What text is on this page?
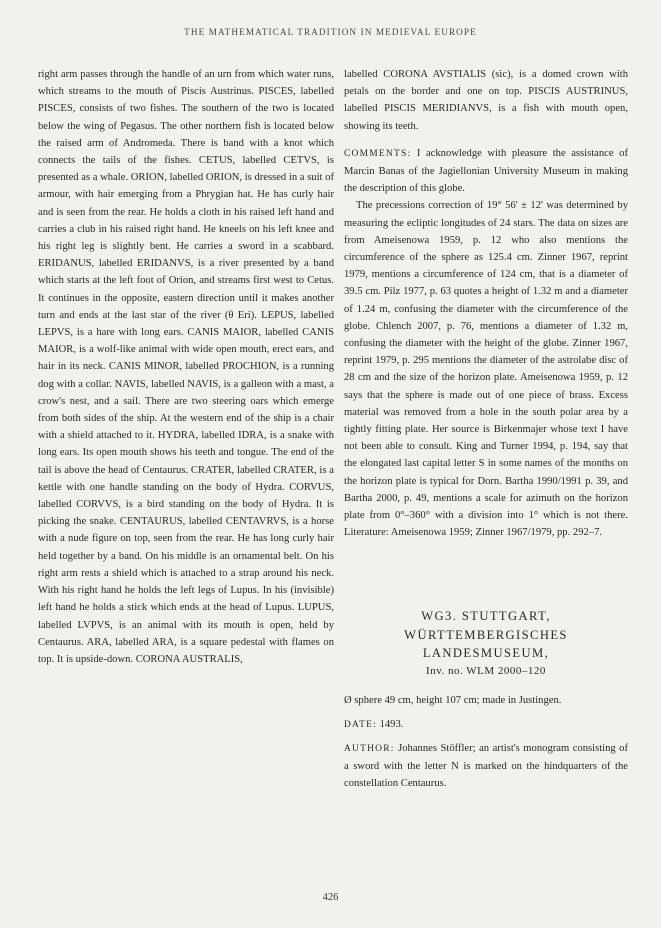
THE MATHEMATICAL TRADITION IN MEDIEVAL EUROPE

right arm passes through the handle of an urn from which water runs, which streams to the mouth of Piscis Austrinus. PISCES, labelled PISCES, consists of two fishes. The southern of the two is located below the wing of Pegasus. The other northern fish is located below the raised arm of Andromeda. There is band with a knot which connects the tails of the fishes. CETUS, labelled CETVS, is presented as a whale. ORION, labelled ORION, is dressed in a suit of armour, with hair emerging from a Phrygian hat. He has curly hair and is seen from the rear. He holds a cloth in his raised left hand and carries a club in his raised right hand. He kneels on his left knee and his right leg is slightly bent. He carries a sword in a scabbard. ERIDANUS, labelled ERIDANVS, is a river presented by a band which starts at the left foot of Orion, and streams first west to Cetus. It continues in the opposite, eastern direction until it makes another turn and ends at the last star of the river (θ Eri). LEPUS, labelled LEPVS, is a hare with long ears. CANIS MAIOR, labelled CANIS MAIOR, is a wolf-like animal with wide open mouth, erect ears, and hair in its neck. CANIS MINOR, labelled PROCHION, is a running dog with a collar. NAVIS, labelled NAVIS, is a galleon with a mast, a crow's nest, and a sail. There are two steering oars which emerge from both sides of the ship. At the western end of the ship is a chair with a shield attached to it. HYDRA, labelled IDRA, is a snake with long ears. Its open mouth shows his teeth and tongue. The end of the tail is above the head of Centaurus. CRATER, labelled CRATER, is a kettle with one handle standing on the body of Hydra. CORVUS, labelled CORVVS, is a bird standing on the body of Hydra. It is picking the snake. CENTAURUS, labelled CENTAVRVS, is a horse with a nude figure on top, seen from the rear. He has long curly hair held together by a band. On his middle is an ornamental belt. On his right arm rests a shield which is attached to a strap around his neck. With his right hand he holds the left legs of Lupus. In his (invisible) left hand he holds a stick which ends at the head of Lupus. LUPUS, labelled LVPVS, is an animal with its mouth is open, held by Centaurus. ARA, labelled ARA, is a square pedestal with flames on top. It is upside-down. CORONA AUSTRALIS,

labelled CORONA AVSTIALIS (sic), is a domed crown with petals on the border and one on top. PISCIS AUSTRINUS, labelled PISCIS MERIDIANVS, is a fish with mouth open, showing its teeth.

COMMENTS: I acknowledge with pleasure the assistance of Marcin Banas of the Jagiellonian University Museum in making the description of this globe.

The precessions correction of 19° 56' ± 12' was determined by measuring the ecliptic longitudes of 24 stars. The data on sizes are from Ameisenowa 1959, p. 12 who also mentions the circumference of the sphere as 125.4 cm. Zinner 1967, reprint 1979, mentions a circumference of 124 cm, that is a diameter of 39.5 cm. Pilz 1977, p. 63 quotes a height of 1.32 m and a diameter of 1.24 m, confusing the diameter with the circumference of the globe. Chlench 2007, p. 76, mentions a diameter of 1.32 m, confusing the diameter with the height of the globe. Zinner 1967, reprint 1979, p. 295 mentions the diameter of the astrolabe disc of 28 cm and the size of the horizon plate. Ameisenowa 1959, p. 12 says that the sphere is made out of one piece of brass. Excess material was removed from a hole in the south polar area by a tightly fitting plate. Her source is Birkenmajer whose text I have not been able to consult. King and Turner 1994, p. 194, say that the elongated last capital letter S in some names of the months on the horizon plate is typical for Dorn. Bartha 1990/1991 p. 39, and Bartha 2000, p. 49, mentions a scale for azimuth on the horizon plate from 0°–360° with a division into 1° which is not there. Literature: Ameisenowa 1959; Zinner 1967/1979, pp. 292–7.

WG3. STUTTGART,
WÜRTTEMBERGISCHES
LANDESMUSEUM,
Inv. no. WLM 2000–120

Ø sphere 49 cm, height 107 cm; made in Justingen.

DATE: 1493.

AUTHOR: Johannes Stöffler; an artist's monogram consisting of a sword with the letter N is marked on the hindquarters of the constellation Centaurus.

426
